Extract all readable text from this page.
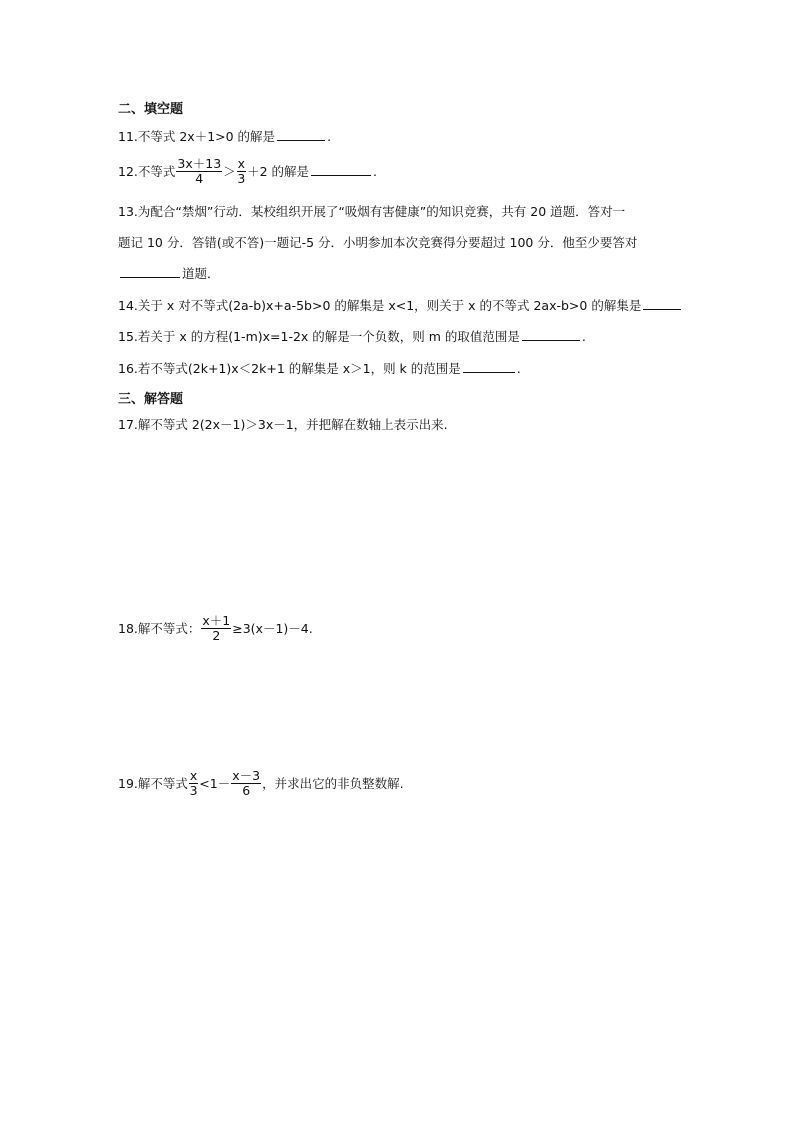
二、填空题
11.不等式 2x＋1>0 的解是	.
12.不等式 $\frac{3x+13}{4} > \frac{x}{3} +2$ 的解是	.
13.为配合“禁烟”行动．某校组织开展了“吸烟有害健康”的知识竞赛，共有 20 道题．答对一
题记 10 分．答错(或不答)一题记-5 分．小明参加本次竞赛得分要超过 100 分．他至少要答对
道题．
14.关于 x 对不等式(2a-b)x+a-5b>0 的解集是 x<1，则关于 x 的不等式 2ax-b>0 的解集是
15.若关于 x 的方程(1-m)x=1-2x 的解是一个负数，则 m 的取值范围是	.
16.若不等式(2k+1)x＜2k+1 的解集是 x＞1，则 k 的范围是	.
三、解答题
17.解不等式 2(2x－1)＞3x－1，并把解在数轴上表示出来.
18.解不等式： $\frac{x+1}{2} \ge 3(x-1)-4$.
19.解不等式 $\frac{x}{3} <1- \frac{x-3}{6}$ ，并求出它的非负整数解.
